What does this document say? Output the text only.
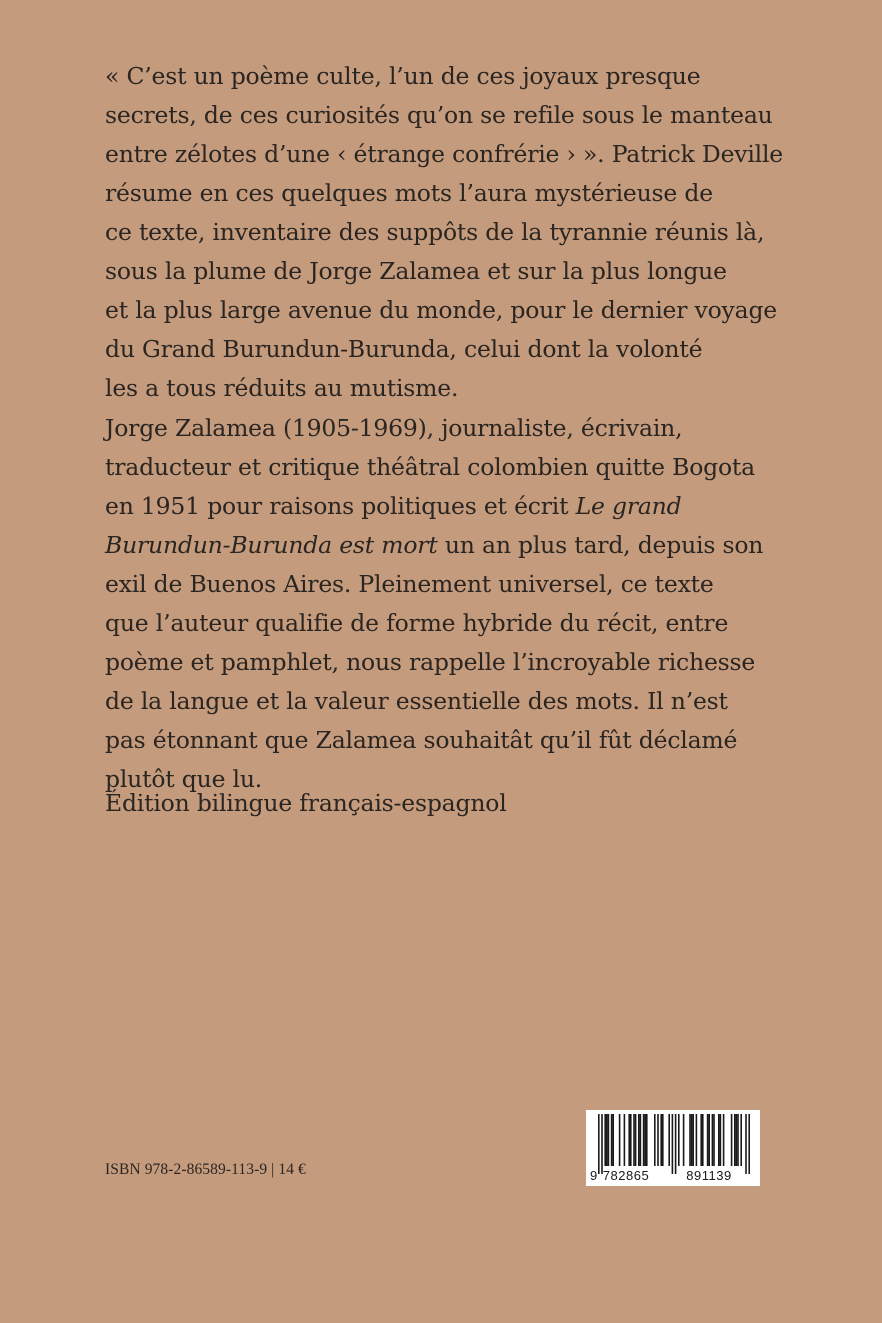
« C’est un poème culte, l’un de ces joyaux presque
secrets, de ces curiosités qu’on se refile sous le manteau
entre zélotes d’une ‹ étrange confrérie › ». Patrick Deville
résume en ces quelques mots l’aura mystérieuse de
ce texte, inventaire des suppôts de la tyrannie réunis là,
sous la plume de Jorge Zalamea et sur la plus longue
et la plus large avenue du monde, pour le dernier voyage
du Grand Burundun-Burunda, celui dont la volonté
les a tous réduits au mutisme.
Jorge Zalamea (1905-1969), journaliste, écrivain,
traducteur et critique théâtral colombien quitte Bogota
en 1951 pour raisons politiques et écrit Le grand
Burundun-Burunda est mort un an plus tard, depuis son
exil de Buenos Aires. Pleinement universel, ce texte
que l’auteur qualifie de forme hybride du récit, entre
poème et pamphlet, nous rappelle l’incroyable richesse
de la langue et la valeur essentielle des mots. Il n’est
pas étonnant que Zalamea souhaitât qu’il fût déclamé
plutôt que lu.
Édition bilingue français-espagnol
ISBN 978-2-86589-113-9 | 14 €	9 782865	891139
